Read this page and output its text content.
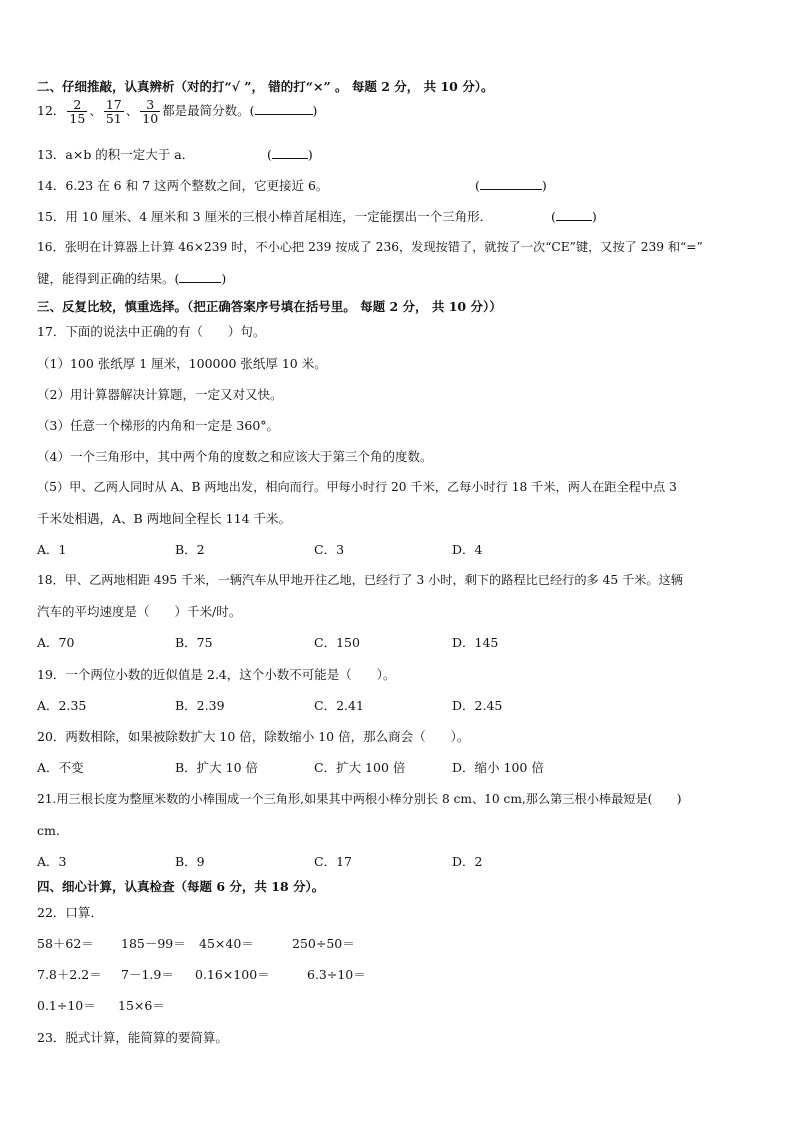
二、仔细推敲，认真辨析（对的打“√ ”， 错的打“×” 。 每题 2 分， 共 10 分）。
12． $\frac{2}{15}$ 、 $\frac{17}{51}$ 、 $\frac{3}{10}$ 都是最简分数。(	)
13．a×b 的积一定大于 a．	(	)
14．6.23 在 6 和 7 这两个整数之间，它更接近 6。	(	)
15．用 10 厘米、4 厘米和 3 厘米的三根小棒首尾相连，一定能摆出一个三角形．	(	)
16．张明在计算器上计算 46×239 时，不小心把 239 按成了 236，发现按错了，就按了一次“CE”键，又按了 239 和“=”
键，能得到正确的结果。(	)
三、反复比较，慎重选择。（把正确答案序号填在括号里。 每题 2 分， 共 10 分））
17．下面的说法中正确的有（　　）句。
（1）100 张纸厚 1 厘米，100000 张纸厚 10 米。
（2）用计算器解决计算题，一定又对又快。
（3）任意一个梯形的内角和一定是 360°。
（4）一个三角形中，其中两个角的度数之和应该大于第三个角的度数。
（5）甲、乙两人同时从 A、B 两地出发，相向而行。甲每小时行 20 千米，乙每小时行 18 千米，两人在距全程中点 3
千米处相遇，A、B 两地间全程长 114 千米。
A．1	B．2	C．3	D．4
18．甲、乙两地相距 495 千米，一辆汽车从甲地开往乙地，已经行了 3 小时，剩下的路程比已经行的多 45 千米。这辆
汽车的平均速度是（　　）千米/时。
A．70	B．75	C．150	D．145
19．一个两位小数的近似值是 2.4，这个小数不可能是（　　）。
A．2.35	B．2.39	C．2.41	D．2.45
20．两数相除，如果被除数扩大 10 倍，除数缩小 10 倍，那么商会（　　）。
A．不变	B．扩大 10 倍	C．扩大 100 倍	D．缩小 100 倍
21.用三根长度为整厘米数的小棒围成一个三角形,如果其中两根小棒分别长 8 cm、10 cm,那么第三根小棒最短是(　　)
cm.
A．3	B．9	C．17	D．2
四、细心计算，认真检查（每题 6 分，共 18 分）。
22．口算．
58＋62＝ 185－99＝ 45×40＝	250÷50＝
7.8＋2.2＝ 7－1.9＝ 0.16×100＝	6.3÷10＝
0.1÷10＝ 15×6＝
23．脱式计算，能简算的要简算。
